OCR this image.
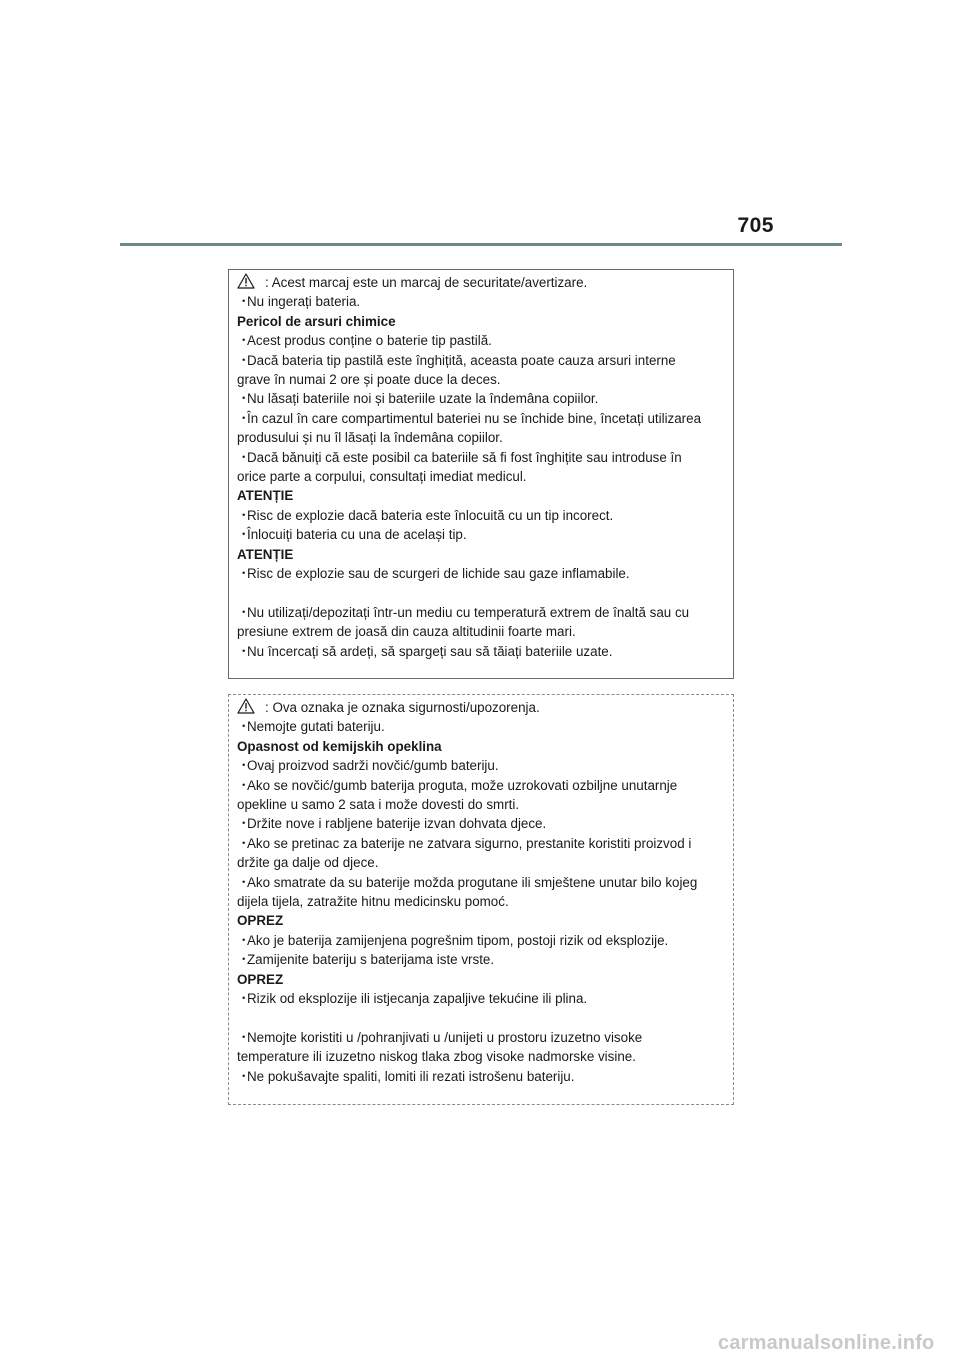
705
: Acest marcaj este un marcaj de securitate/avertizare.
・Nu ingerați bateria.
Pericol de arsuri chimice
・Acest produs conține o baterie tip pastilă.
・Dacă bateria tip pastilă este înghițită, aceasta poate cauza arsuri interne
grave în numai 2 ore și poate duce la deces.
・Nu lăsați bateriile noi și bateriile uzate la îndemâna copiilor.
・În cazul în care compartimentul bateriei nu se închide bine, încetați utilizarea
produsului și nu îl lăsați la îndemâna copiilor.
・Dacă bănuiți că este posibil ca bateriile să fi fost înghițite sau introduse în
orice parte a corpului, consultați imediat medicul.
ATENȚIE
・Risc de explozie dacă bateria este înlocuită cu un tip incorect.
・Înlocuiți bateria cu una de același tip.
ATENȚIE
・Risc de explozie sau de scurgeri de lichide sau gaze inflamabile.
・Nu utilizați/depozitați într-un mediu cu temperatură extrem de înaltă sau cu
presiune extrem de joasă din cauza altitudinii foarte mari.
・Nu încercați să ardeți, să spargeți sau să tăiați bateriile uzate.
: Ova oznaka je oznaka sigurnosti/upozorenja.
・Nemojte gutati bateriju.
Opasnost od kemijskih opeklina
・Ovaj proizvod sadrži novčić/gumb bateriju.
・Ako se novčić/gumb baterija proguta, može uzrokovati ozbiljne unutarnje
opekline u samo 2 sata i može dovesti do smrti.
・Držite nove i rabljene baterije izvan dohvata djece.
・Ako se pretinac za baterije ne zatvara sigurno, prestanite koristiti proizvod i
držite ga dalje od djece.
・Ako smatrate da su baterije možda progutane ili smještene unutar bilo kojeg
dijela tijela, zatražite hitnu medicinsku pomoć.
OPREZ
・Ako je baterija zamijenjena pogrešnim tipom, postoji rizik od eksplozije.
・Zamijenite bateriju s baterijama iste vrste.
OPREZ
・Rizik od eksplozije ili istjecanja zapaljive tekućine ili plina.
・Nemojte koristiti u /pohranjivati u /unijeti u prostoru izuzetno visoke
temperature ili izuzetno niskog tlaka zbog visoke nadmorske visine.
・Ne pokušavajte spaliti, lomiti ili rezati istrošenu bateriju.
carmanualsonline.info
